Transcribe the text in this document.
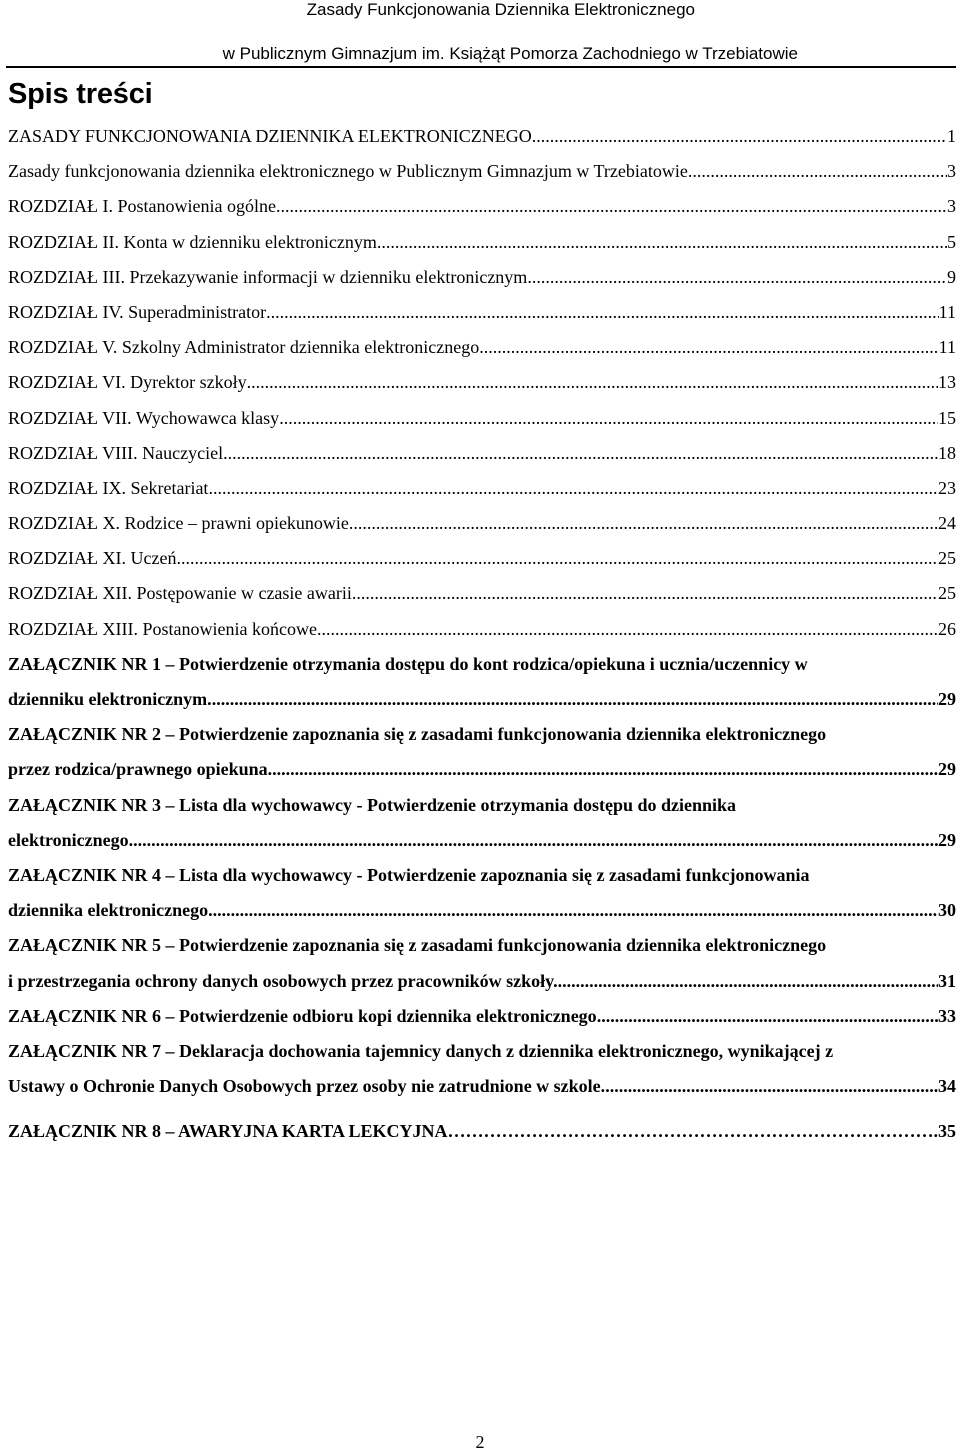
Zasady Funkcjonowania Dziennika Elektronicznego
w Publicznym Gimnazjum im. Książąt Pomorza Zachodniego w Trzebiatowie
Spis treści
ZASADY FUNKCJONOWANIA DZIENNIKA ELEKTRONICZNEGO .....	1
Zasady funkcjonowania dziennika elektronicznego w Publicznym Gimnazjum w Trzebiatowie .....	3
ROZDZIAŁ I. Postanowienia ogólne .....	3
ROZDZIAŁ II. Konta w dzienniku elektronicznym .....	5
ROZDZIAŁ III. Przekazywanie informacji w dzienniku elektronicznym .....	9
ROZDZIAŁ IV. Superadministrator .....	11
ROZDZIAŁ V. Szkolny Administrator dziennika elektronicznego .....	11
ROZDZIAŁ VI. Dyrektor szkoły .....	13
ROZDZIAŁ VII. Wychowawca klasy .....	15
ROZDZIAŁ VIII. Nauczyciel .....	18
ROZDZIAŁ IX. Sekretariat .....	23
ROZDZIAŁ X. Rodzice – prawni opiekunowie .....	24
ROZDZIAŁ XI. Uczeń .....	25
ROZDZIAŁ XII. Postępowanie w czasie awarii .....	25
ROZDZIAŁ XIII. Postanowienia końcowe .....	26
ZAŁĄCZNIK NR 1 – Potwierdzenie otrzymania dostępu do kont rodzica/opiekuna i ucznia/uczennicy w
dzienniku elektronicznym. .....	29
ZAŁĄCZNIK NR 2 – Potwierdzenie zapoznania się z zasadami funkcjonowania dziennika elektronicznego
przez rodzica/prawnego opiekuna. .....	29
ZAŁĄCZNIK NR 3 – Lista dla wychowawcy - Potwierdzenie otrzymania dostępu do dziennika
elektronicznego .....	29
ZAŁĄCZNIK NR 4 – Lista dla wychowawcy - Potwierdzenie zapoznania się z zasadami funkcjonowania
dziennika elektronicznego. .....	30
ZAŁĄCZNIK NR 5 – Potwierdzenie zapoznania się z zasadami funkcjonowania dziennika elektronicznego
i przestrzegania ochrony danych osobowych przez pracowników szkoły. .....	31
ZAŁĄCZNIK NR 6 – Potwierdzenie odbioru kopi dziennika elektronicznego .....	33
ZAŁĄCZNIK NR 7 – Deklaracja dochowania tajemnicy danych z dziennika elektronicznego, wynikającej z
Ustawy o Ochronie Danych Osobowych przez osoby nie zatrudnione w szkole. .....	34
ZAŁĄCZNIK NR 8 – AWARYJNA KARTA LEKCYJNA ……………………………………………………………………………………	.35
2
